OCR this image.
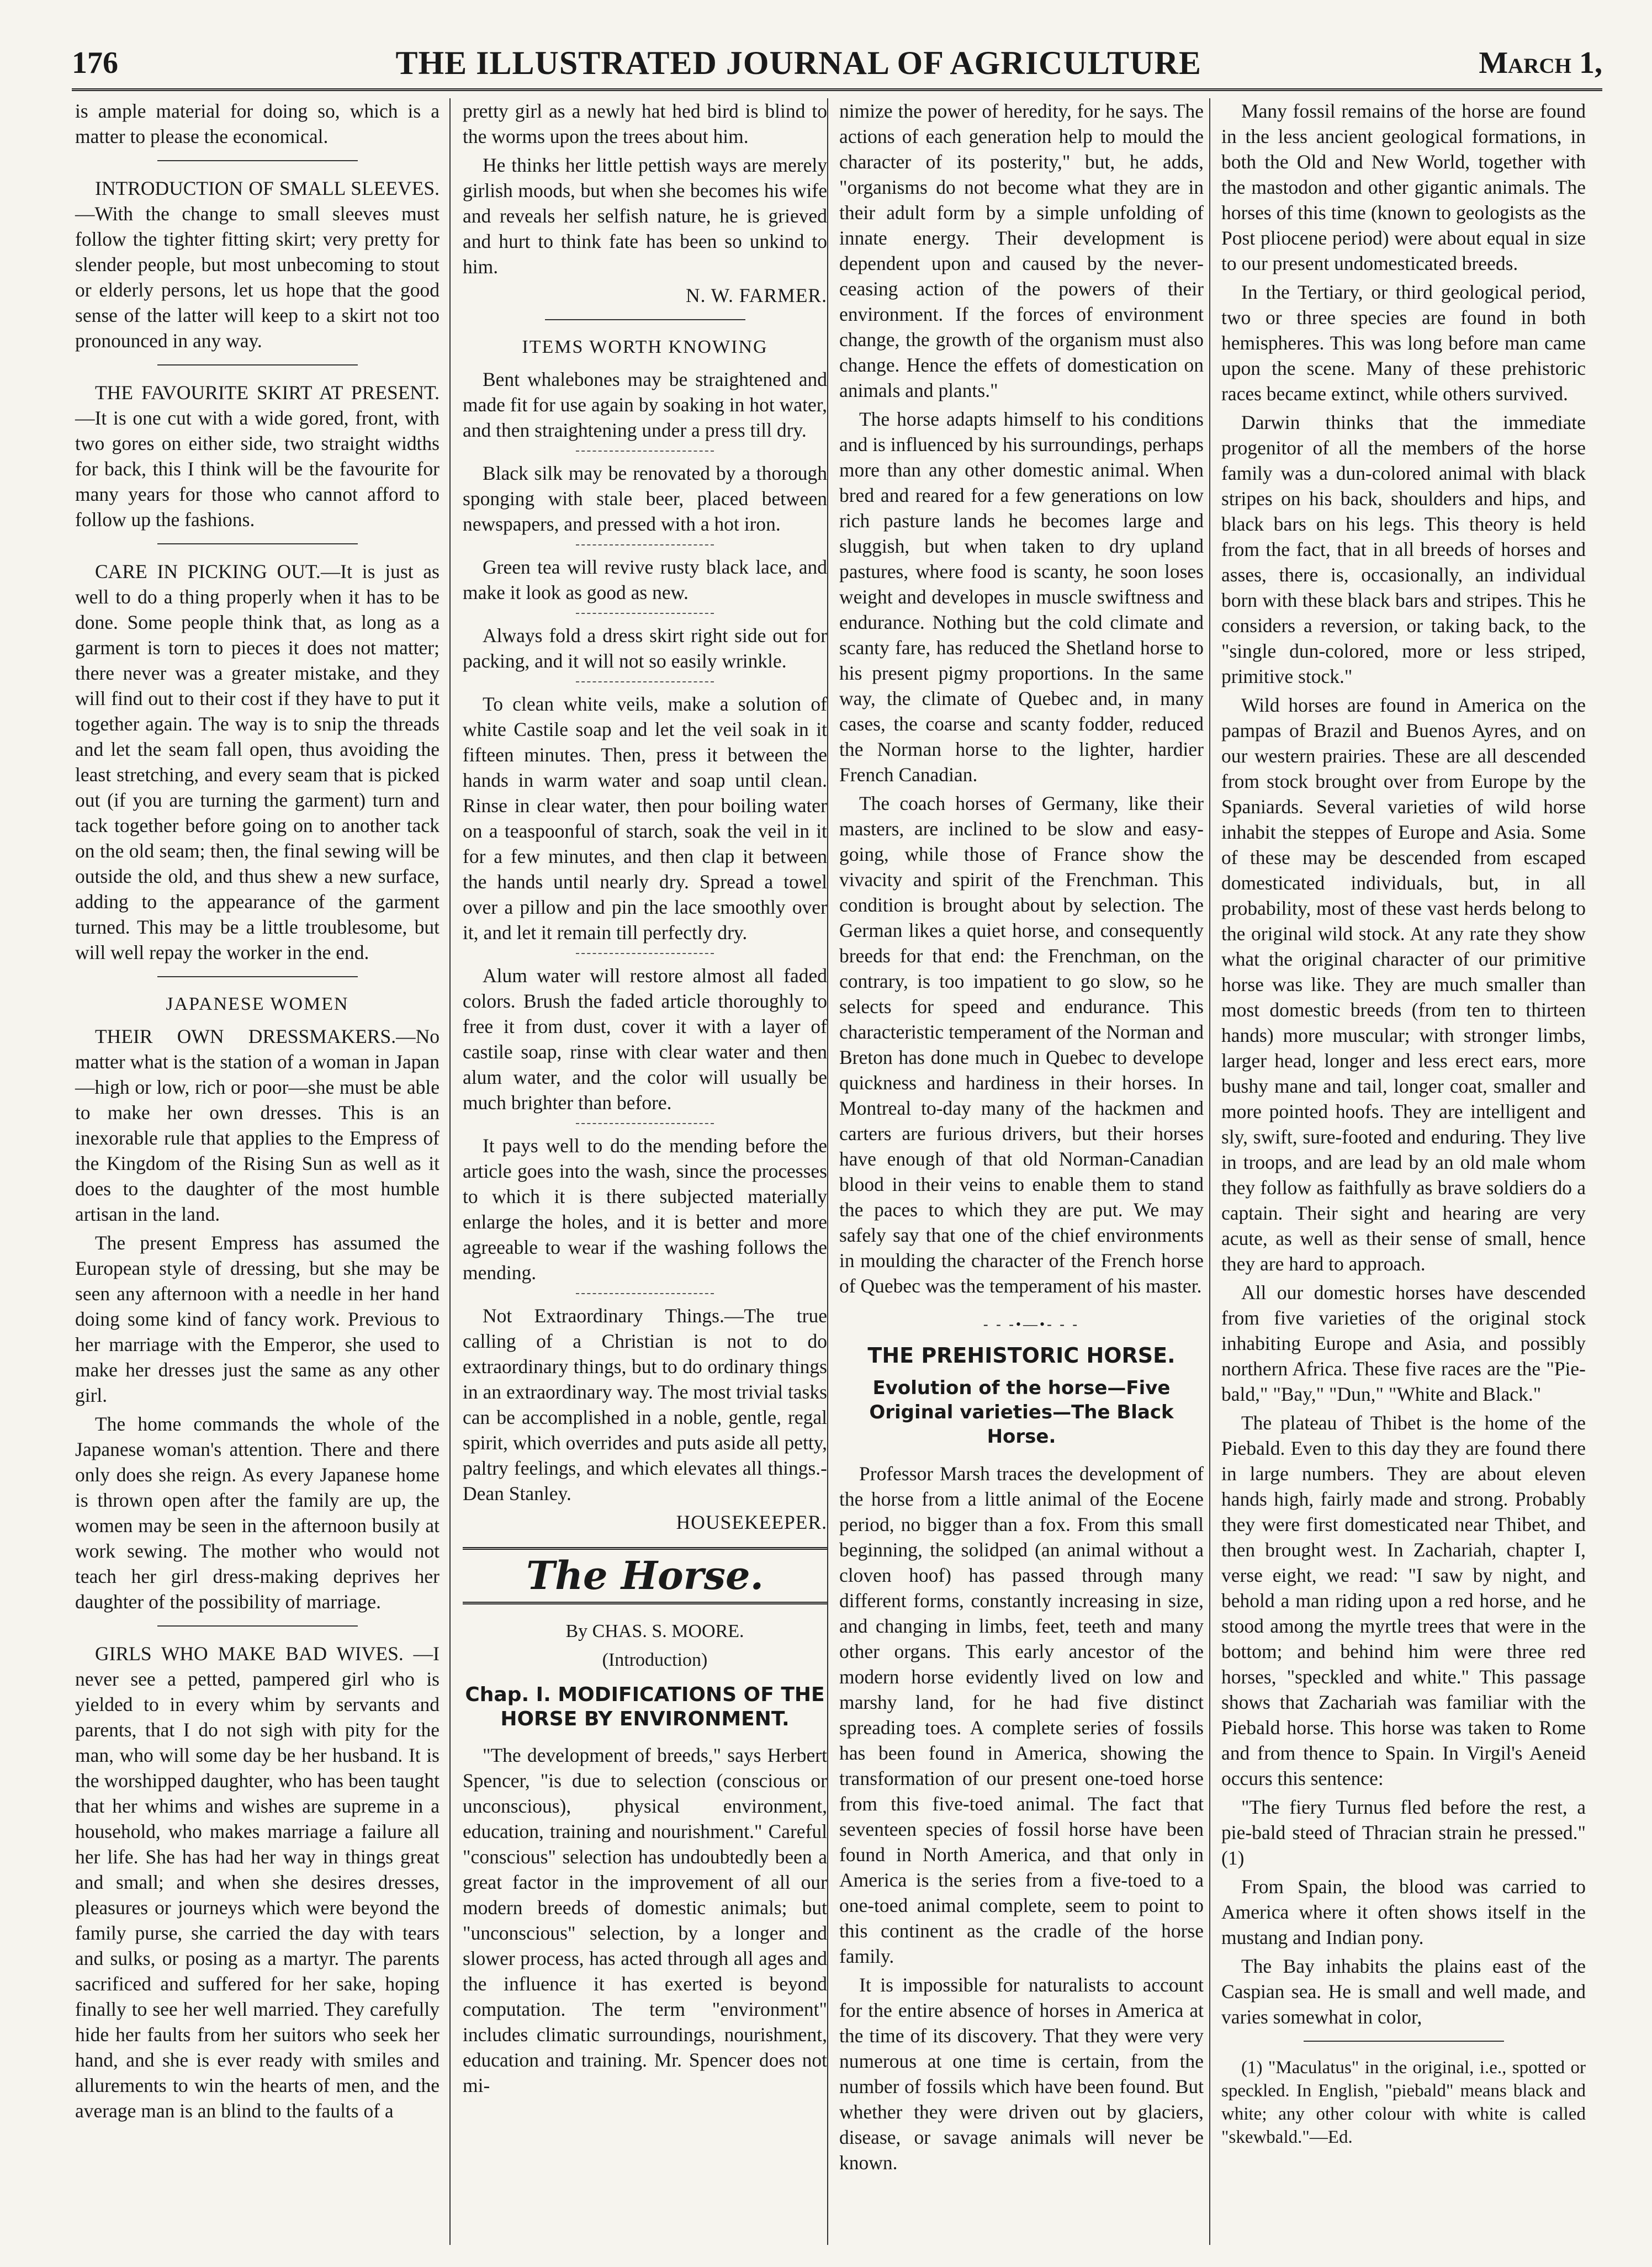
176	THE ILLUSTRATED JOURNAL OF AGRICULTURE	March 1,

is ample material for doing so, which is a matter to please the economical.

INTRODUCTION OF SMALL SLEEVES.—With the change to small sleeves must follow the tighter fitting skirt; very pretty for slender people, but most unbecoming to stout or elderly persons, let us hope that the good sense of the latter will keep to a skirt not too pronounced in any way.

THE FAVOURITE SKIRT AT PRESENT.—It is one cut with a wide gored, front, with two gores on either side, two straight widths for back, this I think will be the favourite for many years for those who cannot afford to follow up the fashions.

CARE IN PICKING OUT.—It is just as well to do a thing properly when it has to be done. Some people think that, as long as a garment is torn to pieces it does not matter; there never was a greater mistake, and they will find out to their cost if they have to put it together again. The way is to snip the threads and let the seam fall open, thus avoiding the least stretching, and every seam that is picked out (if you are turning the garment) turn and tack together before going on to another tack on the old seam; then, the final sewing will be outside the old, and thus shew a new surface, adding to the appearance of the garment turned. This may be a little troublesome, but will well repay the worker in the end.

JAPANESE WOMEN

THEIR OWN DRESSMAKERS.—No matter what is the station of a woman in Japan—high or low, rich or poor—she must be able to make her own dresses. This is an inexorable rule that applies to the Empress of the Kingdom of the Rising Sun as well as it does to the daughter of the most humble artisan in the land.

The present Empress has assumed the European style of dressing, but she may be seen any afternoon with a needle in her hand doing some kind of fancy work. Previous to her marriage with the Emperor, she used to make her dresses just the same as any other girl.

The home commands the whole of the Japanese woman's attention. There and there only does she reign. As every Japanese home is thrown open after the family are up, the women may be seen in the afternoon busily at work sewing. The mother who would not teach her girl dress-making deprives her daughter of the possibility of marriage.

GIRLS WHO MAKE BAD WIVES. —I never see a petted, pampered girl who is yielded to in every whim by servants and parents, that I do not sigh with pity for the man, who will some day be her husband. It is the worshipped daughter, who has been taught that her whims and wishes are supreme in a household, who makes marriage a failure all her life. She has had her way in things great and small; and when she desires dresses, pleasures or journeys which were beyond the family purse, she carried the day with tears and sulks, or posing as a martyr. The parents sacrificed and suffered for her sake, hoping finally to see her well married. They carefully hide her faults from her suitors who seek her hand, and she is ever ready with smiles and allurements to win the hearts of men, and the average man is an blind to the faults of a

pretty girl as a newly hat hed bird is blind to the worms upon the trees about him.

He thinks her little pettish ways are merely girlish moods, but when she becomes his wife and reveals her selfish nature, he is grieved and hurt to think fate has been so unkind to him.

N. W. FARMER.

ITEMS WORTH KNOWING

Bent whalebones may be straightened and made fit for use again by soaking in hot water, and then straightening under a press till dry.

Black silk may be renovated by a thorough sponging with stale beer, placed between newspapers, and pressed with a hot iron.

Green tea will revive rusty black lace, and make it look as good as new.

Always fold a dress skirt right side out for packing, and it will not so easily wrinkle.

To clean white veils, make a solution of white Castile soap and let the veil soak in it fifteen minutes. Then, press it between the hands in warm water and soap until clean. Rinse in clear water, then pour boiling water on a teaspoonful of starch, soak the veil in it for a few minutes, and then clap it between the hands until nearly dry. Spread a towel over a pillow and pin the lace smoothly over it, and let it remain till perfectly dry.

Alum water will restore almost all faded colors. Brush the faded article thoroughly to free it from dust, cover it with a layer of castile soap, rinse with clear water and then alum water, and the color will usually be much brighter than before.

It pays well to do the mending before the article goes into the wash, since the processes to which it is there subjected materially enlarge the holes, and it is better and more agreeable to wear if the washing follows the mending.

Not Extraordinary Things.—The true calling of a Christian is not to do extraordinary things, but to do ordinary things in an extraordinary way. The most trivial tasks can be accomplished in a noble, gentle, regal spirit, which overrides and puts aside all petty, paltry feelings, and which elevates all things.- Dean Stanley.

HOUSEKEEPER.

The Horse.

By CHAS. S. MOORE.

(Introduction)

Chap. I. MODIFICATIONS OF THE HORSE BY ENVIRONMENT.

"The development of breeds," says Herbert Spencer, "is due to selection (conscious or unconscious), physical environment, education, training and nourishment." Careful "conscious" selection has undoubtedly been a great factor in the improvement of all our modern breeds of domestic animals; but "unconscious" selection, by a longer and slower process, has acted through all ages and the influence it has exerted is beyond computation. The term "environment" includes climatic surroundings, nourishment, education and training. Mr. Spencer does not mi-

nimize the power of heredity, for he says. The actions of each generation help to mould the character of its posterity," but, he adds, "organisms do not become what they are in their adult form by a simple unfolding of innate energy. Their development is dependent upon and caused by the never-ceasing action of the powers of their environment. If the forces of environment change, the growth of the organism must also change. Hence the effets of domestication on animals and plants."

The horse adapts himself to his conditions and is influenced by his surroundings, perhaps more than any other domestic animal. When bred and reared for a few generations on low rich pasture lands he becomes large and sluggish, but when taken to dry upland pastures, where food is scanty, he soon loses weight and developes in muscle swiftness and endurance. Nothing but the cold climate and scanty fare, has reduced the Shetland horse to his present pigmy proportions. In the same way, the climate of Quebec and, in many cases, the coarse and scanty fodder, reduced the Norman horse to the lighter, hardier French Canadian.

The coach horses of Germany, like their masters, are inclined to be slow and easy-going, while those of France show the vivacity and spirit of the Frenchman. This condition is brought about by selection. The German likes a quiet horse, and consequently breeds for that end: the Frenchman, on the contrary, is too impatient to go slow, so he selects for speed and endurance. This characteristic temperament of the Norman and Breton has done much in Quebec to develope quickness and hardiness in their horses. In Montreal to-day many of the hackmen and carters are furious drivers, but their horses have enough of that old Norman-Canadian blood in their veins to enable them to stand the paces to which they are put. We may safely say that one of the chief environments in moulding the character of the French horse of Quebec was the temperament of his master.

- - -•—•- - -

THE PREHISTORIC HORSE.
Evolution of the horse—Five Original varieties—The Black Horse.

Professor Marsh traces the development of the horse from a little animal of the Eocene period, no bigger than a fox. From this small beginning, the solidped (an animal without a cloven hoof) has passed through many different forms, constantly increasing in size, and changing in limbs, feet, teeth and many other organs. This early ancestor of the modern horse evidently lived on low and marshy land, for he had five distinct spreading toes. A complete series of fossils has been found in America, showing the transformation of our present one-toed horse from this five-toed animal. The fact that seventeen species of fossil horse have been found in North America, and that only in America is the series from a five-toed to a one-toed animal complete, seem to point to this continent as the cradle of the horse family.

It is impossible for naturalists to account for the entire absence of horses in America at the time of its discovery. That they were very numerous at one time is certain, from the number of fossils which have been found. But whether they were driven out by glaciers, disease, or savage animals will never be known.

Many fossil remains of the horse are found in the less ancient geological formations, in both the Old and New World, together with the mastodon and other gigantic animals. The horses of this time (known to geologists as the Post pliocene period) were about equal in size to our present undomesticated breeds.

In the Tertiary, or third geological period, two or three species are found in both hemispheres. This was long before man came upon the scene. Many of these prehistoric races became extinct, while others survived.

Darwin thinks that the immediate progenitor of all the members of the horse family was a dun-colored animal with black stripes on his back, shoulders and hips, and black bars on his legs. This theory is held from the fact, that in all breeds of horses and asses, there is, occasionally, an individual born with these black bars and stripes. This he considers a reversion, or taking back, to the "single dun-colored, more or less striped, primitive stock."

Wild horses are found in America on the pampas of Brazil and Buenos Ayres, and on our western prairies. These are all descended from stock brought over from Europe by the Spaniards. Several varieties of wild horse inhabit the steppes of Europe and Asia. Some of these may be descended from escaped domesticated individuals, but, in all probability, most of these vast herds belong to the original wild stock. At any rate they show what the original character of our primitive horse was like. They are much smaller than most domestic breeds (from ten to thirteen hands) more muscular; with stronger limbs, larger head, longer and less erect ears, more bushy mane and tail, longer coat, smaller and more pointed hoofs. They are intelligent and sly, swift, sure-footed and enduring. They live in troops, and are lead by an old male whom they follow as faithfully as brave soldiers do a captain. Their sight and hearing are very acute, as well as their sense of small, hence they are hard to approach.

All our domestic horses have descended from five varieties of the original stock inhabiting Europe and Asia, and possibly northern Africa. These five races are the "Pie-bald," "Bay," "Dun," "White and Black."

The plateau of Thibet is the home of the Piebald. Even to this day they are found there in large numbers. They are about eleven hands high, fairly made and strong. Probably they were first domesticated near Thibet, and then brought west. In Zachariah, chapter I, verse eight, we read: "I saw by night, and behold a man riding upon a red horse, and he stood among the myrtle trees that were in the bottom; and behind him were three red horses, "speckled and white." This passage shows that Zachariah was familiar with the Piebald horse. This horse was taken to Rome and from thence to Spain. In Virgil's Aeneid occurs this sentence:

"The fiery Turnus fled before the rest, a pie-bald steed of Thracian strain he pressed." (1)

From Spain, the blood was carried to America where it often shows itself in the mustang and Indian pony.

The Bay inhabits the plains east of the Caspian sea. He is small and well made, and varies somewhat in color,

(1) "Maculatus" in the original, i.e., spotted or speckled. In English, "piebald" means black and white; any other colour with white is called "skewbald."—Ed.
